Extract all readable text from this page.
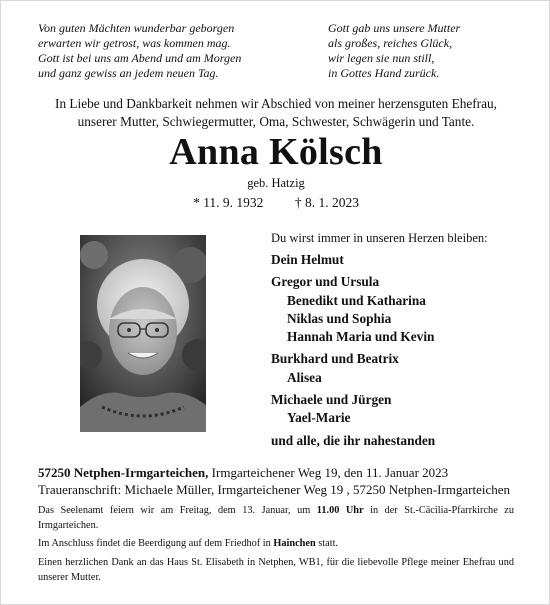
Von guten Mächten wunderbar geborgen
erwarten wir getrost, was kommen mag.
Gott ist bei uns am Abend und am Morgen
und ganz gewiss an jedem neuen Tag.
Gott gab uns unsere Mutter
als großes, reiches Glück,
wir legen sie nun still,
in Gottes Hand zurück.
In Liebe und Dankbarkeit nehmen wir Abschied von meiner herzensguten Ehefrau,
unserer Mutter, Schwiegermutter, Oma, Schwester, Schwägerin und Tante.
Anna Kölsch
geb. Hatzig
* 11. 9. 1932 † 8. 1. 2023
Du wirst immer in unseren Herzen bleiben:
Dein Helmut
Gregor und Ursula
Benedikt und Katharina
Niklas und Sophia
Hannah Maria und Kevin
Burkhard und Beatrix
Alisea
Michaele und Jürgen
Yael-Marie
und alle, die ihr nahestanden
57250 Netphen-Irmgarteichen, Irmgarteichener Weg 19, den 11. Januar 2023
Traueranschrift: Michaele Müller, Irmgarteichener Weg 19 , 57250 Netphen-Irmgarteichen
Das Seelenamt feiern wir am Freitag, dem 13. Januar, um 11.00 Uhr in der St.-Cäcilia-Pfarrkirche zu Irmgarteichen.
Im Anschluss findet die Beerdigung auf dem Friedhof in Hainchen statt.
Einen herzlichen Dank an das Haus St. Elisabeth in Netphen, WB1, für die liebevolle Pflege meiner Ehefrau und unserer Mutter.
